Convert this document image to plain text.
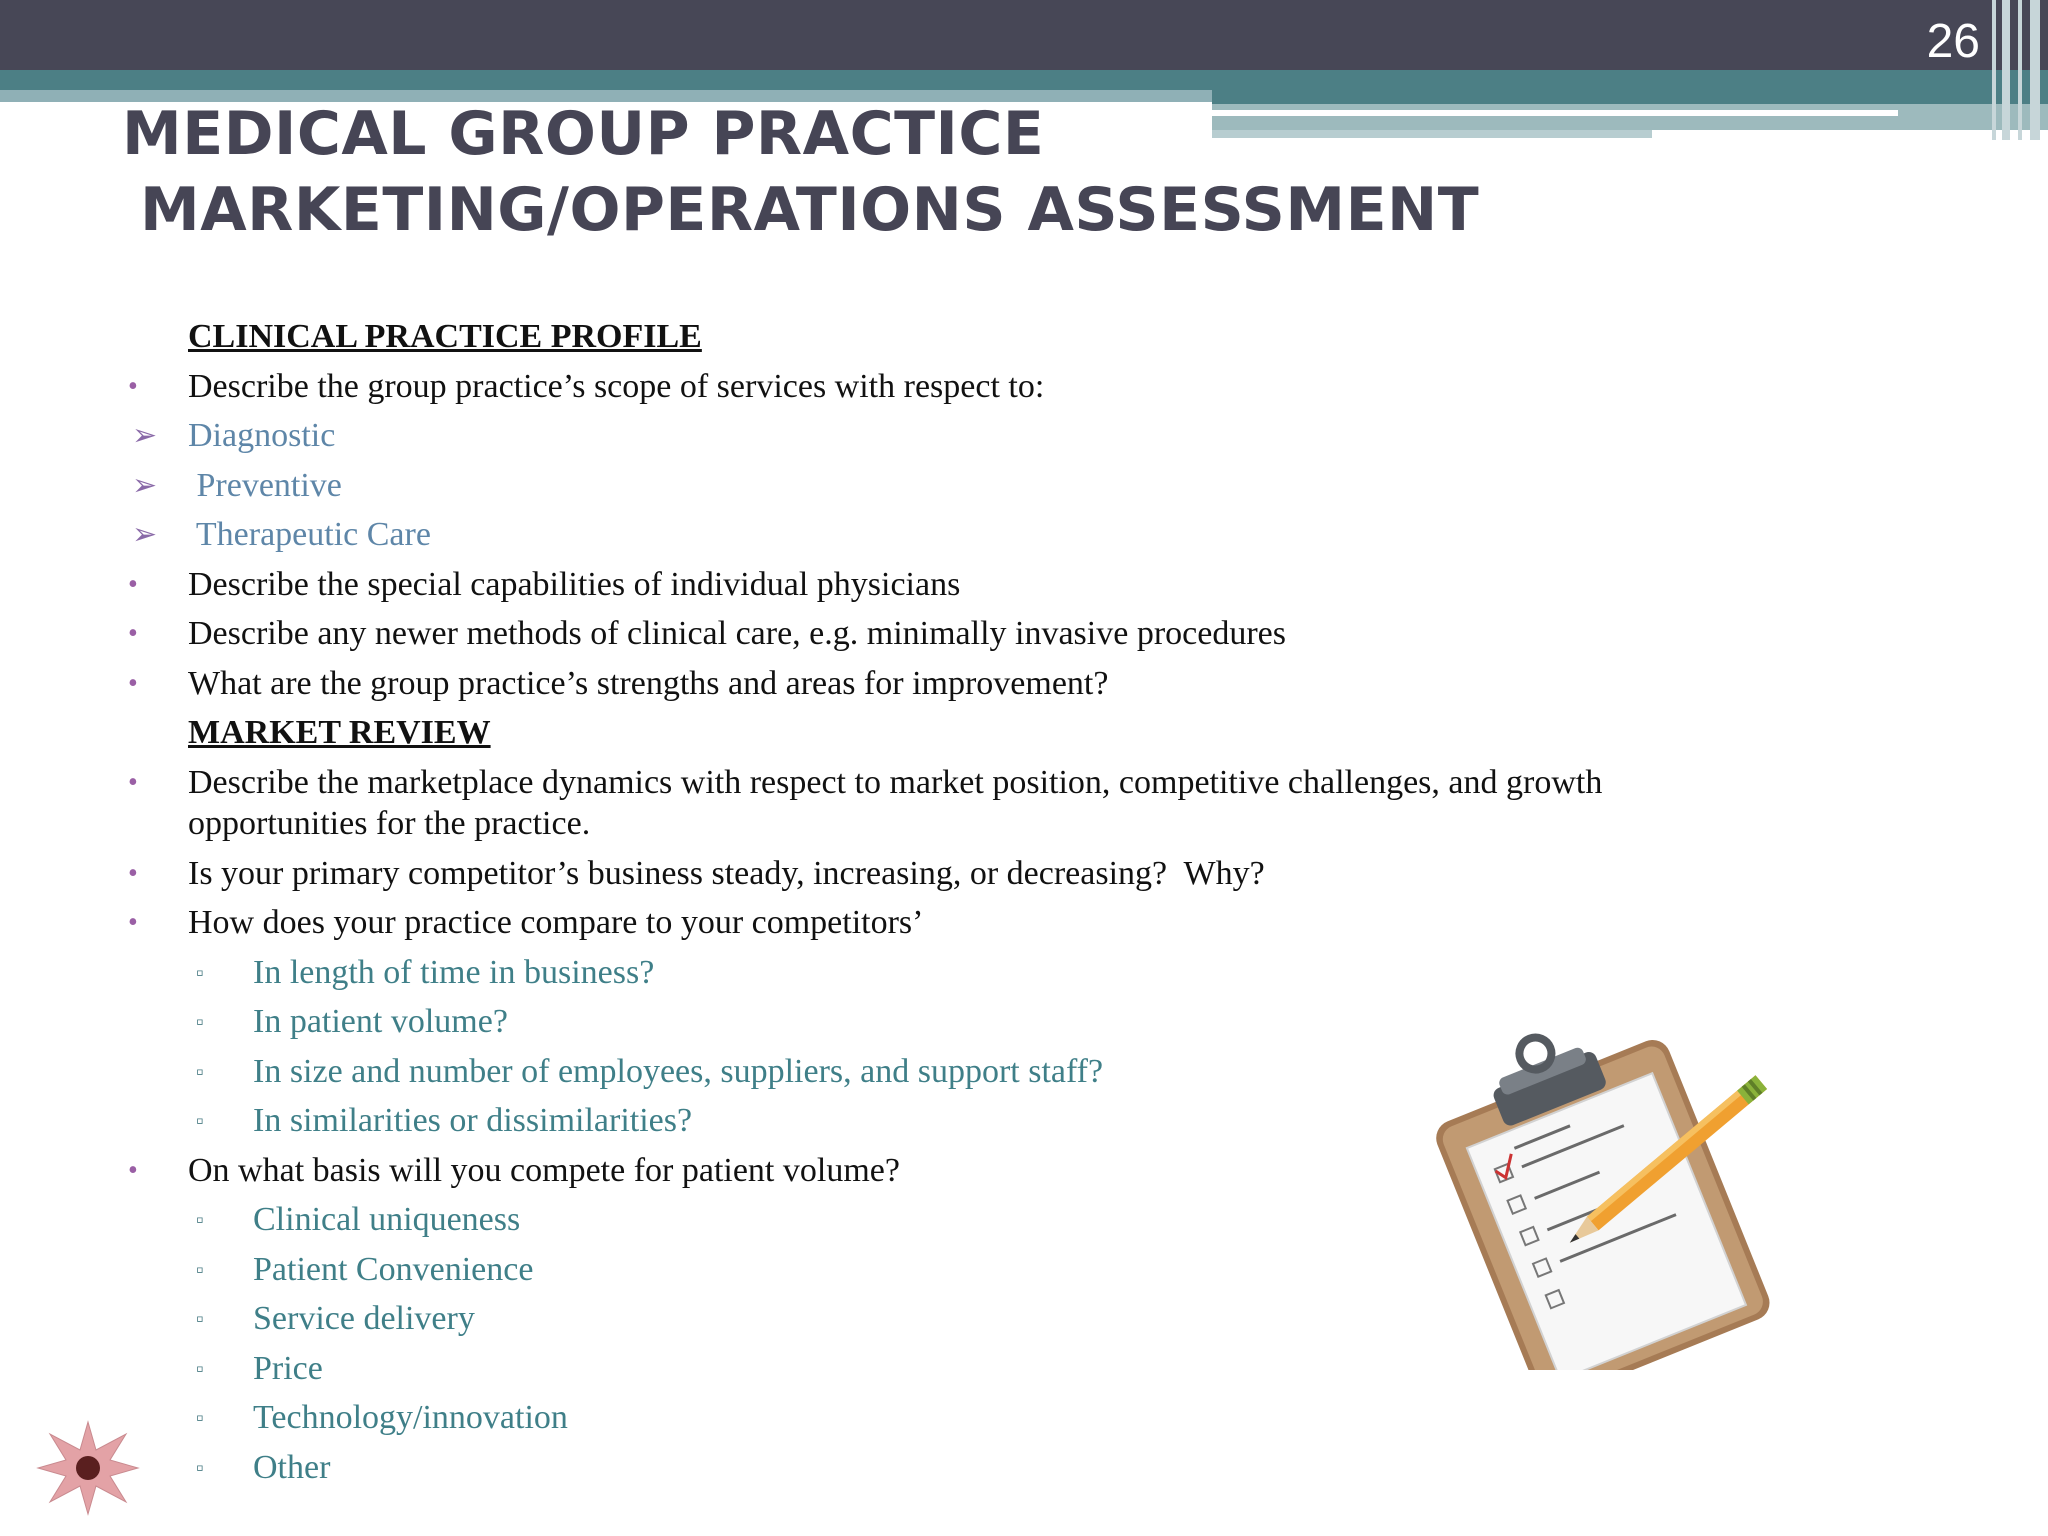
26
MEDICAL GROUP PRACTICE
MARKETING/OPERATIONS ASSESSMENT
CLINICAL PRACTICE PROFILE
• Describe the group practice’s scope of services with respect to:
➢ Diagnostic
➢ Preventive
➢ Therapeutic Care
• Describe the special capabilities of individual physicians
• Describe any newer methods of clinical care, e.g. minimally invasive procedures
• What are the group practice’s strengths and areas for improvement?
MARKET REVIEW
• Describe the marketplace dynamics with respect to market position, competitive challenges, and growth opportunities for the practice.
• Is your primary competitor’s business steady, increasing, or decreasing?  Why?
• How does your practice compare to your competitors’
▫ In length of time in business?
▫ In patient volume?
▫ In size and number of employees, suppliers, and support staff?
▫ In similarities or dissimilarities?
• On what basis will you compete for patient volume?
▫ Clinical uniqueness
▫ Patient Convenience
▫ Service delivery
▫ Price
▫ Technology/innovation
▫ Other
